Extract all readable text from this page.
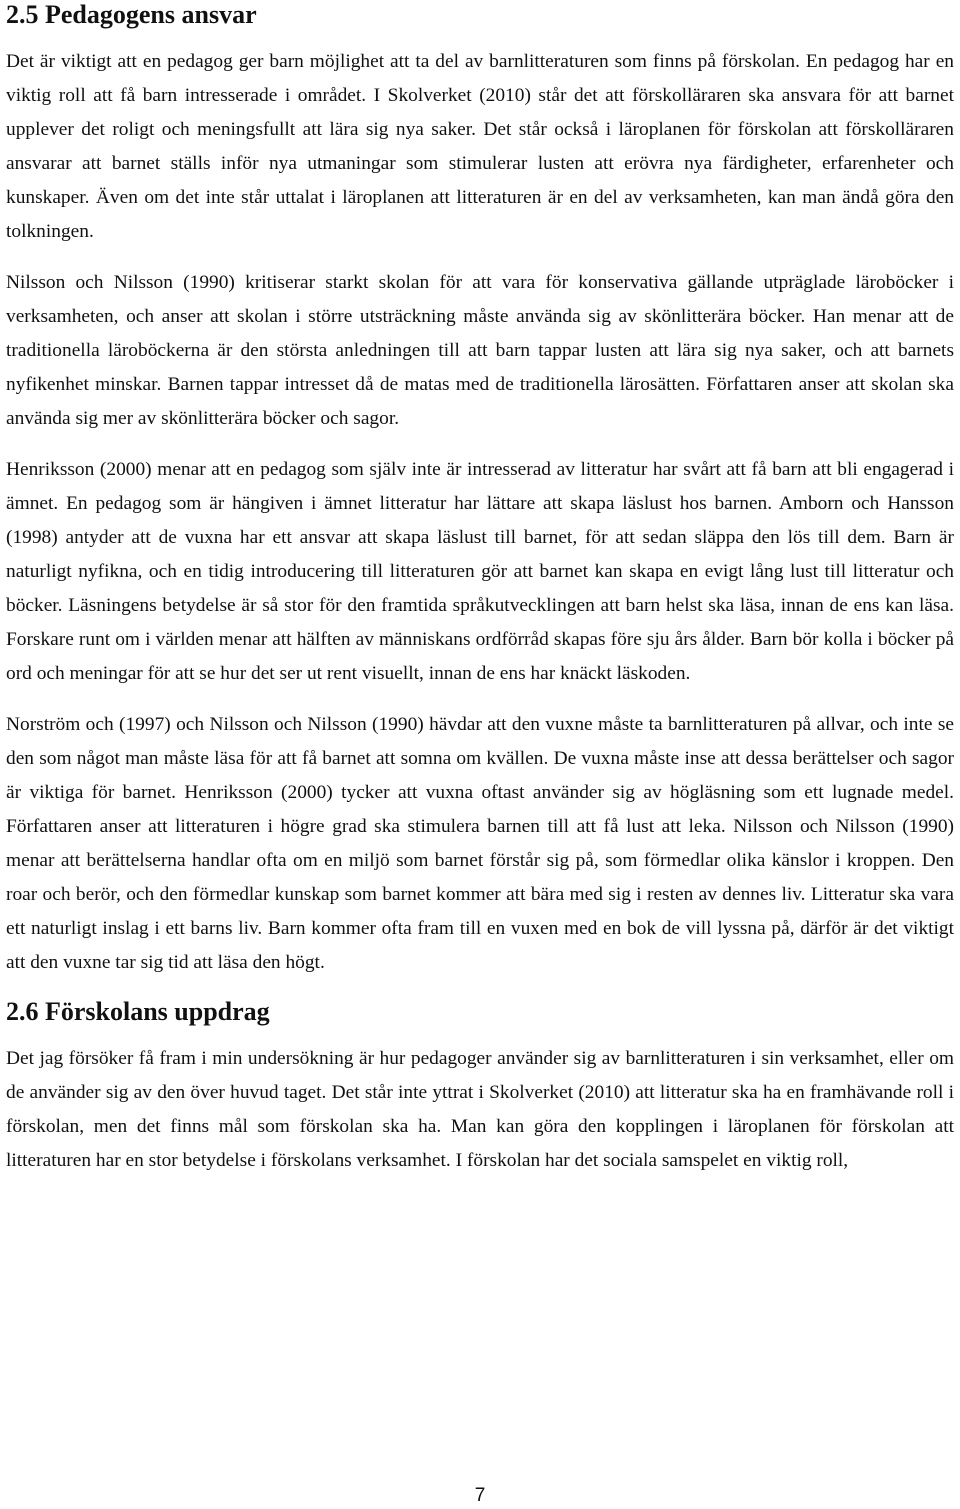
2.5 Pedagogens ansvar

Det är viktigt att en pedagog ger barn möjlighet att ta del av barnlitteraturen som finns på förskolan. En pedagog har en viktig roll att få barn intresserade i området. I Skolverket (2010) står det att förskolläraren ska ansvara för att barnet upplever det roligt och meningsfullt att lära sig nya saker. Det står också i läroplanen för förskolan att förskolläraren ansvarar att barnet ställs inför nya utmaningar som stimulerar lusten att erövra nya färdigheter, erfarenheter och kunskaper. Även om det inte står uttalat i läroplanen att litteraturen är en del av verksamheten, kan man ändå göra den tolkningen.

Nilsson och Nilsson (1990) kritiserar starkt skolan för att vara för konservativa gällande utpräglade läroböcker i verksamheten, och anser att skolan i större utsträckning måste använda sig av skönlitterära böcker. Han menar att de traditionella läroböckerna är den största anledningen till att barn tappar lusten att lära sig nya saker, och att barnets nyfikenhet minskar. Barnen tappar intresset då de matas med de traditionella lärosätten. Författaren anser att skolan ska använda sig mer av skönlitterära böcker och sagor.

Henriksson (2000) menar att en pedagog som själv inte är intresserad av litteratur har svårt att få barn att bli engagerad i ämnet. En pedagog som är hängiven i ämnet litteratur har lättare att skapa läslust hos barnen. Amborn och Hansson (1998) antyder att de vuxna har ett ansvar att skapa läslust till barnet, för att sedan släppa den lös till dem. Barn är naturligt nyfikna, och en tidig introducering till litteraturen gör att barnet kan skapa en evigt lång lust till litteratur och böcker. Läsningens betydelse är så stor för den framtida språkutvecklingen att barn helst ska läsa, innan de ens kan läsa. Forskare runt om i världen menar att hälften av människans ordförråd skapas före sju års ålder. Barn bör kolla i böcker på ord och meningar för att se hur det ser ut rent visuellt, innan de ens har knäckt läskoden.

Norström och (1997) och Nilsson och Nilsson (1990) hävdar att den vuxne måste ta barnlitteraturen på allvar, och inte se den som något man måste läsa för att få barnet att somna om kvällen. De vuxna måste inse att dessa berättelser och sagor är viktiga för barnet. Henriksson (2000) tycker att vuxna oftast använder sig av högläsning som ett lugnade medel. Författaren anser att litteraturen i högre grad ska stimulera barnen till att få lust att leka. Nilsson och Nilsson (1990) menar att berättelserna handlar ofta om en miljö som barnet förstår sig på, som förmedlar olika känslor i kroppen. Den roar och berör, och den förmedlar kunskap som barnet kommer att bära med sig i resten av dennes liv. Litteratur ska vara ett naturligt inslag i ett barns liv. Barn kommer ofta fram till en vuxen med en bok de vill lyssna på, därför är det viktigt att den vuxne tar sig tid att läsa den högt.

2.6 Förskolans uppdrag

Det jag försöker få fram i min undersökning är hur pedagoger använder sig av barnlitteraturen i sin verksamhet, eller om de använder sig av den över huvud taget. Det står inte yttrat i Skolverket (2010) att litteratur ska ha en framhävande roll i förskolan, men det finns mål som förskolan ska ha. Man kan göra den kopplingen i läroplanen för förskolan att litteraturen har en stor betydelse i förskolans verksamhet. I förskolan har det sociala samspelet en viktig roll,

7
